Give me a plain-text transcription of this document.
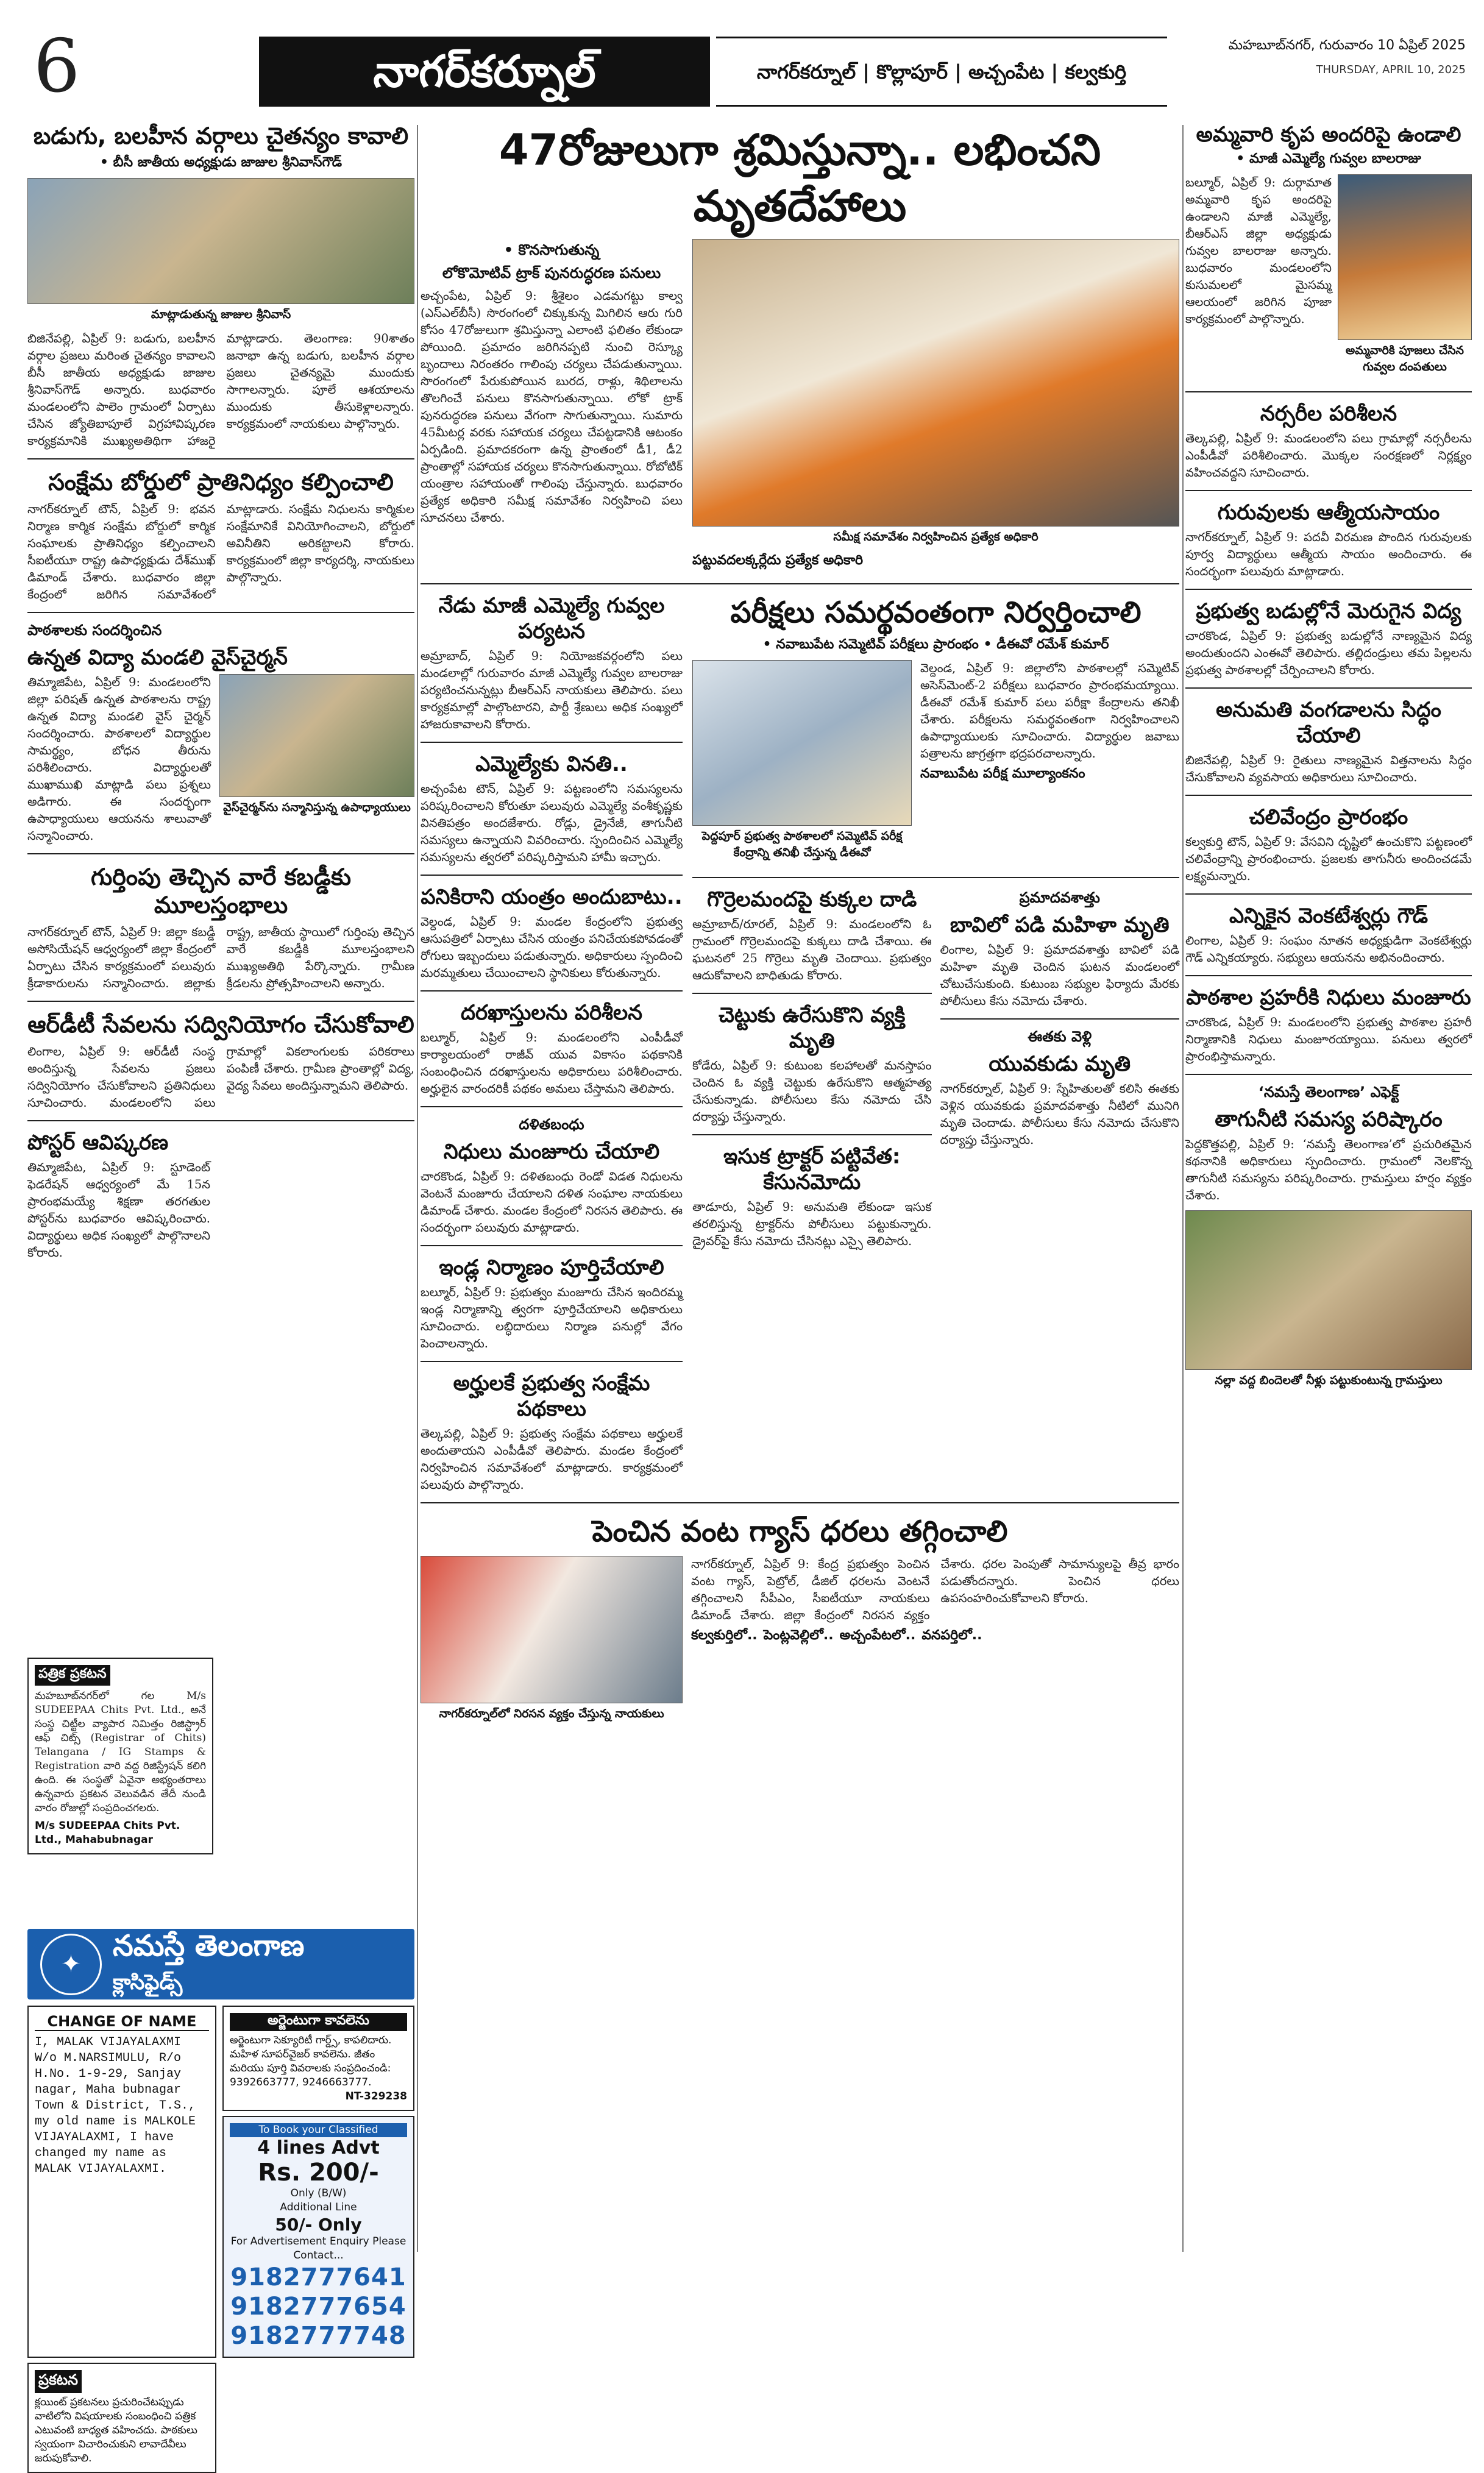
6	నాగర్‌కర్నూల్	నాగర్‌కర్నూల్ | కొల్లాపూర్ | అచ్చంపేట | కల్వకుర్తి
మహబూబ్‌నగర్, గురువారం 10 ఏప్రిల్ 2025
THURSDAY, APRIL 10, 2025
బడుగు, బలహీన వర్గాలు చైతన్యం కావాలి
• బీసీ జాతీయ అధ్యక్షుడు జాజుల శ్రీనివాస్‌గౌడ్
మాట్లాడుతున్న జాజుల శ్రీనివాస్
బిజినేపల్లి, ఏప్రిల్ 9: బడుగు, బలహీన వర్గాల ప్రజలు మరింత చైతన్యం కావాలని బీసీ జాతీయ అధ్యక్షుడు జాజుల శ్రీనివాస్‌గౌడ్ అన్నారు. బుధవారం మండలంలోని పాలెం గ్రామంలో ఏర్పాటు చేసిన జ్యోతిబాపూలే విగ్రహావిష్కరణ కార్యక్రమానికి ముఖ్యఅతిథిగా హాజరై మాట్లాడారు. తెలంగాణ: 90శాతం జనాభా ఉన్న బడుగు, బలహీన వర్గాల ప్రజలు చైతన్యమై ముందుకు సాగాలన్నారు. పూలే ఆశయాలను ముందుకు తీసుకెళ్లాలన్నారు. కార్యక్రమంలో నాయకులు పాల్గొన్నారు.
సంక్షేమ బోర్డులో ప్రాతినిధ్యం కల్పించాలి
నాగర్‌కర్నూల్ టౌన్, ఏప్రిల్ 9: భవన నిర్మాణ కార్మిక సంక్షేమ బోర్డులో కార్మిక సంఘాలకు ప్రాతినిధ్యం కల్పించాలని సీఐటీయూ రాష్ట్ర ఉపాధ్యక్షుడు దేశ్‌ముఖ్ డిమాండ్ చేశారు. బుధవారం జిల్లా కేంద్రంలో జరిగిన సమావేశంలో మాట్లాడారు. సంక్షేమ నిధులను కార్మికుల సంక్షేమానికే వినియోగించాలని, బోర్డులో అవినీతిని అరికట్టాలని కోరారు. కార్యక్రమంలో జిల్లా కార్యదర్శి, నాయకులు పాల్గొన్నారు.
పాఠశాలకు సందర్శించిన
ఉన్నత విద్యా మండలి వైస్‌చైర్మన్
తిమ్మాజిపేట, ఏప్రిల్ 9: మండలంలోని జిల్లా పరిషత్ ఉన్నత పాఠశాలను రాష్ట్ర ఉన్నత విద్యా మండలి వైస్ చైర్మన్ సందర్శించారు. పాఠశాలలో విద్యార్థుల సామర్థ్యం, బోధన తీరును పరిశీలించారు. విద్యార్థులతో ముఖాముఖి మాట్లాడి పలు ప్రశ్నలు అడిగారు. ఈ సందర్భంగా ఉపాధ్యాయులు ఆయనను శాలువాతో సన్మానించారు.
వైస్‌చైర్మన్‌ను సన్మానిస్తున్న ఉపాధ్యాయులు
గుర్తింపు తెచ్చిన వారే కబడ్డీకు మూలస్తంభాలు
నాగర్‌కర్నూల్ టౌన్, ఏప్రిల్ 9: జిల్లా కబడ్డీ అసోసియేషన్ ఆధ్వర్యంలో జిల్లా కేంద్రంలో ఏర్పాటు చేసిన కార్యక్రమంలో పలువురు క్రీడాకారులను సన్మానించారు. జిల్లాకు రాష్ట్ర, జాతీయ స్థాయిలో గుర్తింపు తెచ్చిన వారే కబడ్డీకి మూలస్తంభాలని ముఖ్యఅతిథి పేర్కొన్నారు. గ్రామీణ క్రీడలను ప్రోత్సహించాలని అన్నారు.
ఆర్‌డీటీ సేవలను సద్వినియోగం చేసుకోవాలి
లింగాల, ఏప్రిల్ 9: ఆర్‌డీటీ సంస్థ అందిస్తున్న సేవలను ప్రజలు సద్వినియోగం చేసుకోవాలని ప్రతినిధులు సూచించారు. మండలంలోని పలు గ్రామాల్లో వికలాంగులకు పరికరాలు పంపిణీ చేశారు. గ్రామీణ ప్రాంతాల్లో విద్య, వైద్య సేవలు అందిస్తున్నామని తెలిపారు.
పోస్టర్ ఆవిష్కరణ
తిమ్మాజిపేట, ఏప్రిల్ 9: స్టూడెంట్ ఫెడరేషన్ ఆధ్వర్యంలో మే 15న ప్రారంభమయ్యే శిక్షణా తరగతుల పోస్టర్‌ను బుధవారం ఆవిష్కరించారు. విద్యార్థులు అధిక సంఖ్యలో పాల్గొనాలని కోరారు.
పత్రిక ప్రకటన
మహబూబ్‌నగర్‌లో గల M/s SUDEEPAA Chits Pvt. Ltd., అనే సంస్థ చిట్టీల వ్యాపార నిమిత్తం రిజిస్ట్రార్ ఆఫ్ చిట్స్ (Registrar of Chits) Telangana / IG Stamps & Registration వారి వద్ద రిజిస్ట్రేషన్ కలిగి ఉంది. ఈ సంస్థతో ఏవైనా అభ్యంతరాలు ఉన్నవారు ప్రకటన వెలువడిన తేదీ నుండి వారం రోజుల్లో సంప్రదించగలరు.
M/s SUDEEPAA Chits Pvt. Ltd., Mahabubnagar
✦
నమస్తే తెలంగాణ
క్లాసిఫైడ్స్
CHANGE OF NAME
I, MALAK VIJAYALAXMI W/o M.NARSIMULU, R/o H.No. 1-9-29, Sanjay nagar, Maha bubnagar Town & District, T.S., my old name is MALKOLE VIJAYALAXMI, I have changed my name as MALAK VIJAYALAXMI.
అర్జెంటుగా కావలెను
అర్జెంటుగా సెక్యూరిటీ గార్డ్స్, కాపలిదారు. మహిళ సూపర్‌వైజర్ కావలెను. జీతం మరియు పూర్తి వివరాలకు సంప్రదించండి: 9392663777, 9246663777.
NT-329238
To Book your Classified
4 lines Advt
Rs. 200/-
Only (B/W)
Additional Line
50/- Only
For Advertisement Enquiry Please Contact...
9182777641
9182777654
9182777748
ప్రకటన
క్లయింట్ ప్రకటనలు ప్రచురించేటప్పుడు వాటిలోని విషయాలకు సంబంధించి పత్రిక ఎటువంటి బాధ్యత వహించదు. పాఠకులు స్వయంగా విచారించుకుని లావాదేవీలు జరుపుకోవాలి.
47రోజులుగా శ్రమిస్తున్నా.. లభించని మృతదేహాలు
• కొనసాగుతున్న
లోకొమోటివ్ ట్రాక్ పునరుద్ధరణ పనులు
అచ్చంపేట, ఏప్రిల్ 9: శ్రీశైలం ఎడమగట్టు కాల్వ (ఎస్‌ఎల్‌బీసీ) సొరంగంలో చిక్కుకున్న మిగిలిన ఆరు గురి కోసం 47రోజులుగా శ్రమిస్తున్నా ఎలాంటి ఫలితం లేకుండా పోయింది. ప్రమాదం జరిగినప్పటి నుంచి రెస్క్యూ బృందాలు నిరంతరం గాలింపు చర్యలు చేపడుతున్నాయి. సొరంగంలో పేరుకుపోయిన బురద, రాళ్లు, శిథిలాలను తొలగించే పనులు కొనసాగుతున్నాయి. లోకో ట్రాక్ పునరుద్ధరణ పనులు వేగంగా సాగుతున్నాయి. సుమారు 45మీటర్ల వరకు సహాయక చర్యలు చేపట్టడానికి ఆటంకం ఏర్పడింది. ప్రమాదకరంగా ఉన్న ప్రాంతంలో డీ1, డీ2 ప్రాంతాల్లో సహాయక చర్యలు కొనసాగుతున్నాయి. రోబోటిక్ యంత్రాల సహాయంతో గాలింపు చేస్తున్నారు. బుధవారం ప్రత్యేక అధికారి సమీక్ష సమావేశం నిర్వహించి పలు సూచనలు చేశారు.
సమీక్ష సమావేశం నిర్వహించిన ప్రత్యేక అధికారి
పట్టువదలక్కర్లేదు ప్రత్యేక అధికారి
నేడు మాజీ ఎమ్మెల్యే గువ్వల పర్యటన
అమ్రాబాద్, ఏప్రిల్ 9: నియోజకవర్గంలోని పలు మండలాల్లో గురువారం మాజీ ఎమ్మెల్యే గువ్వల బాలరాజు పర్యటించనున్నట్లు బీఆర్‌ఎస్ నాయకులు తెలిపారు. పలు కార్యక్రమాల్లో పాల్గొంటారని, పార్టీ శ్రేణులు అధిక సంఖ్యలో హాజరుకావాలని కోరారు.
ఎమ్మెల్యేకు వినతి..
అచ్చంపేట టౌన్, ఏప్రిల్ 9: పట్టణంలోని సమస్యలను పరిష్కరించాలని కోరుతూ పలువురు ఎమ్మెల్యే వంశీకృష్ణకు వినతిపత్రం అందజేశారు. రోడ్లు, డ్రైనేజీ, తాగునీటి సమస్యలు ఉన్నాయని వివరించారు. స్పందించిన ఎమ్మెల్యే సమస్యలను త్వరలో పరిష్కరిస్తామని హామీ ఇచ్చారు.
పనికిరాని యంత్రం అందుబాటు..
వెల్దండ, ఏప్రిల్ 9: మండల కేంద్రంలోని ప్రభుత్వ ఆసుపత్రిలో ఏర్పాటు చేసిన యంత్రం పనిచేయకపోవడంతో రోగులు ఇబ్బందులు పడుతున్నారు. అధికారులు స్పందించి మరమ్మతులు చేయించాలని స్థానికులు కోరుతున్నారు.
దరఖాస్తులను పరిశీలన
బల్మూర్, ఏప్రిల్ 9: మండలంలోని ఎంపీడీవో కార్యాలయంలో రాజీవ్ యువ వికాసం పథకానికి సంబంధించిన దరఖాస్తులను అధికారులు పరిశీలించారు. అర్హులైన వారందరికీ పథకం అమలు చేస్తామని తెలిపారు.
దళితబంధు
నిధులు మంజూరు చేయాలి
చారకొండ, ఏప్రిల్ 9: దళితబంధు రెండో విడత నిధులను వెంటనే మంజూరు చేయాలని దళిత సంఘాల నాయకులు డిమాండ్ చేశారు. మండల కేంద్రంలో నిరసన తెలిపారు. ఈ సందర్భంగా పలువురు మాట్లాడారు.
ఇండ్ల నిర్మాణం పూర్తిచేయాలి
బల్మూర్, ఏప్రిల్ 9: ప్రభుత్వం మంజూరు చేసిన ఇందిరమ్మ ఇండ్ల నిర్మాణాన్ని త్వరగా పూర్తిచేయాలని అధికారులు సూచించారు. లబ్ధిదారులు నిర్మాణ పనుల్లో వేగం పెంచాలన్నారు.
అర్హులకే ప్రభుత్వ సంక్షేమ పథకాలు
తెల్కపల్లి, ఏప్రిల్ 9: ప్రభుత్వ సంక్షేమ పథకాలు అర్హులకే అందుతాయని ఎంపీడీవో తెలిపారు. మండల కేంద్రంలో నిర్వహించిన సమావేశంలో మాట్లాడారు. కార్యక్రమంలో పలువురు పాల్గొన్నారు.
పరీక్షలు సమర్థవంతంగా నిర్వర్తించాలి
• నవాబుపేట సమ్మెటివ్ పరీక్షలు ప్రారంభం • డీఈవో రమేశ్ కుమార్
పెద్దపూర్ ప్రభుత్వ పాఠశాలలో సమ్మెటివ్ పరీక్ష కేంద్రాన్ని తనిఖీ చేస్తున్న డీఈవో
వెల్దండ, ఏప్రిల్ 9: జిల్లాలోని పాఠశాలల్లో సమ్మెటివ్ అసెస్‌మెంట్-2 పరీక్షలు బుధవారం ప్రారంభమయ్యాయి. డీఈవో రమేశ్ కుమార్ పలు పరీక్షా కేంద్రాలను తనిఖీ చేశారు. పరీక్షలను సమర్థవంతంగా నిర్వహించాలని ఉపాధ్యాయులకు సూచించారు. విద్యార్థుల జవాబు పత్రాలను జాగ్రత్తగా భద్రపరచాలన్నారు.
నవాబుపేట పరీక్ష మూల్యాంకనం
గొర్రెలమందపై కుక్కల దాడి
అమ్రాబాద్/రూరల్, ఏప్రిల్ 9: మండలంలోని ఓ గ్రామంలో గొర్రెలమందపై కుక్కలు దాడి చేశాయి. ఈ ఘటనలో 25 గొర్రెలు మృతి చెందాయి. ప్రభుత్వం ఆదుకోవాలని బాధితుడు కోరారు.
చెట్టుకు ఉరేసుకొని వ్యక్తి మృతి
కోడేరు, ఏప్రిల్ 9: కుటుంబ కలహాలతో మనస్తాపం చెందిన ఓ వ్యక్తి చెట్టుకు ఉరేసుకొని ఆత్మహత్య చేసుకున్నాడు. పోలీసులు కేసు నమోదు చేసి దర్యాప్తు చేస్తున్నారు.
ఇసుక ట్రాక్టర్ పట్టివేత: కేసునమోదు
తాడూరు, ఏప్రిల్ 9: అనుమతి లేకుండా ఇసుక తరలిస్తున్న ట్రాక్టర్‌ను పోలీసులు పట్టుకున్నారు. డ్రైవర్‌పై కేసు నమోదు చేసినట్లు ఎస్సై తెలిపారు.
ప్రమాదవశాత్తు
బావిలో పడి మహిళా మృతి
లింగాల, ఏప్రిల్ 9: ప్రమాదవశాత్తు బావిలో పడి మహిళా మృతి చెందిన ఘటన మండలంలో చోటుచేసుకుంది. కుటుంబ సభ్యుల ఫిర్యాదు మేరకు పోలీసులు కేసు నమోదు చేశారు.
ఈతకు వెళ్లి
యువకుడు మృతి
నాగర్‌కర్నూల్, ఏప్రిల్ 9: స్నేహితులతో కలిసి ఈతకు వెళ్లిన యువకుడు ప్రమాదవశాత్తు నీటిలో మునిగి మృతి చెందాడు. పోలీసులు కేసు నమోదు చేసుకొని దర్యాప్తు చేస్తున్నారు.
పెంచిన వంట గ్యాస్ ధరలు తగ్గించాలి
నాగర్‌కర్నూల్‌లో నిరసన వ్యక్తం చేస్తున్న నాయకులు
నాగర్‌కర్నూల్, ఏప్రిల్ 9: కేంద్ర ప్రభుత్వం పెంచిన వంట గ్యాస్, పెట్రోల్, డీజిల్ ధరలను వెంటనే తగ్గించాలని సీపీఎం, సీఐటీయూ నాయకులు డిమాండ్ చేశారు. జిల్లా కేంద్రంలో నిరసన వ్యక్తం చేశారు. ధరల పెంపుతో సామాన్యులపై తీవ్ర భారం పడుతోందన్నారు. పెంచిన ధరలు ఉపసంహరించుకోవాలని కోరారు.
కల్వకుర్తిలో.. పెంట్లవెల్లిలో.. అచ్చంపేటలో.. వనపర్తిలో..
అమ్మవారి కృప అందరిపై ఉండాలి
• మాజీ ఎమ్మెల్యే గువ్వల బాలరాజు
బల్మూర్, ఏప్రిల్ 9: దుర్గామాత అమ్మవారి కృప అందరిపై ఉండాలని మాజీ ఎమ్మెల్యే, బీఆర్‌ఎస్ జిల్లా అధ్యక్షుడు గువ్వల బాలరాజు అన్నారు. బుధవారం మండలంలోని కుసుమలలో మైసమ్మ ఆలయంలో జరిగిన పూజా కార్యక్రమంలో పాల్గొన్నారు.
అమ్మవారికి పూజలు చేసిన గువ్వల దంపతులు
నర్సరీల పరిశీలన
తెల్కపల్లి, ఏప్రిల్ 9: మండలంలోని పలు గ్రామాల్లో నర్సరీలను ఎంపీడీవో పరిశీలించారు. మొక్కల సంరక్షణలో నిర్లక్ష్యం వహించవద్దని సూచించారు.
గురువులకు ఆత్మీయసాయం
నాగర్‌కర్నూల్, ఏప్రిల్ 9: పదవీ విరమణ పొందిన గురువులకు పూర్వ విద్యార్థులు ఆత్మీయ సాయం అందించారు. ఈ సందర్భంగా పలువురు మాట్లాడారు.
ప్రభుత్వ బడుల్లోనే మెరుగైన విద్య
చారకొండ, ఏప్రిల్ 9: ప్రభుత్వ బడుల్లోనే నాణ్యమైన విద్య అందుతుందని ఎంఈవో తెలిపారు. తల్లిదండ్రులు తమ పిల్లలను ప్రభుత్వ పాఠశాలల్లో చేర్పించాలని కోరారు.
అనుమతి వంగడాలను సిద్ధం చేయాలి
బిజినేపల్లి, ఏప్రిల్ 9: రైతులు నాణ్యమైన విత్తనాలను సిద్ధం చేసుకోవాలని వ్యవసాయ అధికారులు సూచించారు.
చలివేంద్రం ప్రారంభం
కల్వకుర్తి టౌన్, ఏప్రిల్ 9: వేసవిని దృష్టిలో ఉంచుకొని పట్టణంలో చలివేంద్రాన్ని ప్రారంభించారు. ప్రజలకు తాగునీరు అందించడమే లక్ష్యమన్నారు.
ఎన్నికైన వెంకటేశ్వర్లు గౌడ్
లింగాల, ఏప్రిల్ 9: సంఘం నూతన అధ్యక్షుడిగా వెంకటేశ్వర్లు గౌడ్ ఎన్నికయ్యారు. సభ్యులు ఆయనను అభినందించారు.
పాఠశాల ప్రహరీకి నిధులు మంజూరు
చారకొండ, ఏప్రిల్ 9: మండలంలోని ప్రభుత్వ పాఠశాల ప్రహరీ నిర్మాణానికి నిధులు మంజూరయ్యాయి. పనులు త్వరలో ప్రారంభిస్తామన్నారు.
‘నమస్తే తెలంగాణ’ ఎఫెక్ట్
తాగునీటి సమస్య పరిష్కారం
పెద్దకొత్తపల్లి, ఏప్రిల్ 9: ‘నమస్తే తెలంగాణ’లో ప్రచురితమైన కథనానికి అధికారులు స్పందించారు. గ్రామంలో నెలకొన్న తాగునీటి సమస్యను పరిష్కరించారు. గ్రామస్తులు హర్షం వ్యక్తం చేశారు.
నల్లా వద్ద బిందెలతో నీళ్లు పట్టుకుంటున్న గ్రామస్తులు
